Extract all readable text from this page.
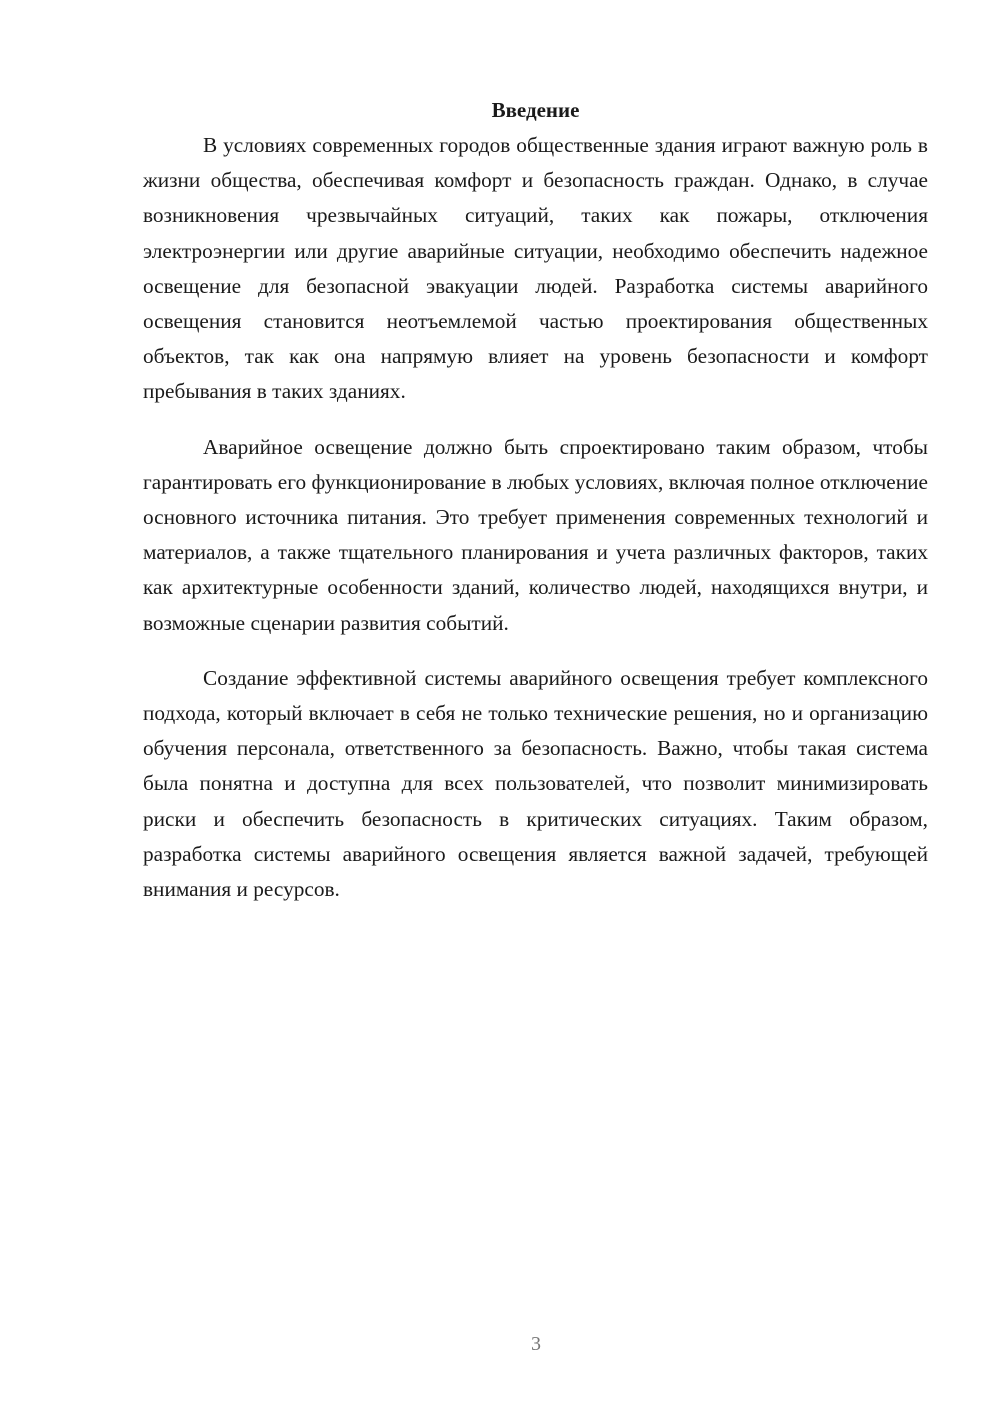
Введение

В условиях современных городов общественные здания играют важную роль в жизни общества, обеспечивая комфорт и безопасность граждан. Однако, в случае возникновения чрезвычайных ситуаций, таких как пожары, отключения электроэнергии или другие аварийные ситуации, необходимо обеспечить надежное освещение для безопасной эвакуации людей. Разработка системы аварийного освещения становится неотъемлемой частью проектирования общественных объектов, так как она напрямую влияет на уровень безопасности и комфорт пребывания в таких зданиях.

Аварийное освещение должно быть спроектировано таким образом, чтобы гарантировать его функционирование в любых условиях, включая полное отключение основного источника питания. Это требует применения современных технологий и материалов, а также тщательного планирования и учета различных факторов, таких как архитектурные особенности зданий, количество людей, находящихся внутри, и возможные сценарии развития событий.

Создание эффективной системы аварийного освещения требует комплексного подхода, который включает в себя не только технические решения, но и организацию обучения персонала, ответственного за безопасность. Важно, чтобы такая система была понятна и доступна для всех пользователей, что позволит минимизировать риски и обеспечить безопасность в критических ситуациях. Таким образом, разработка системы аварийного освещения является важной задачей, требующей внимания и ресурсов.

3
